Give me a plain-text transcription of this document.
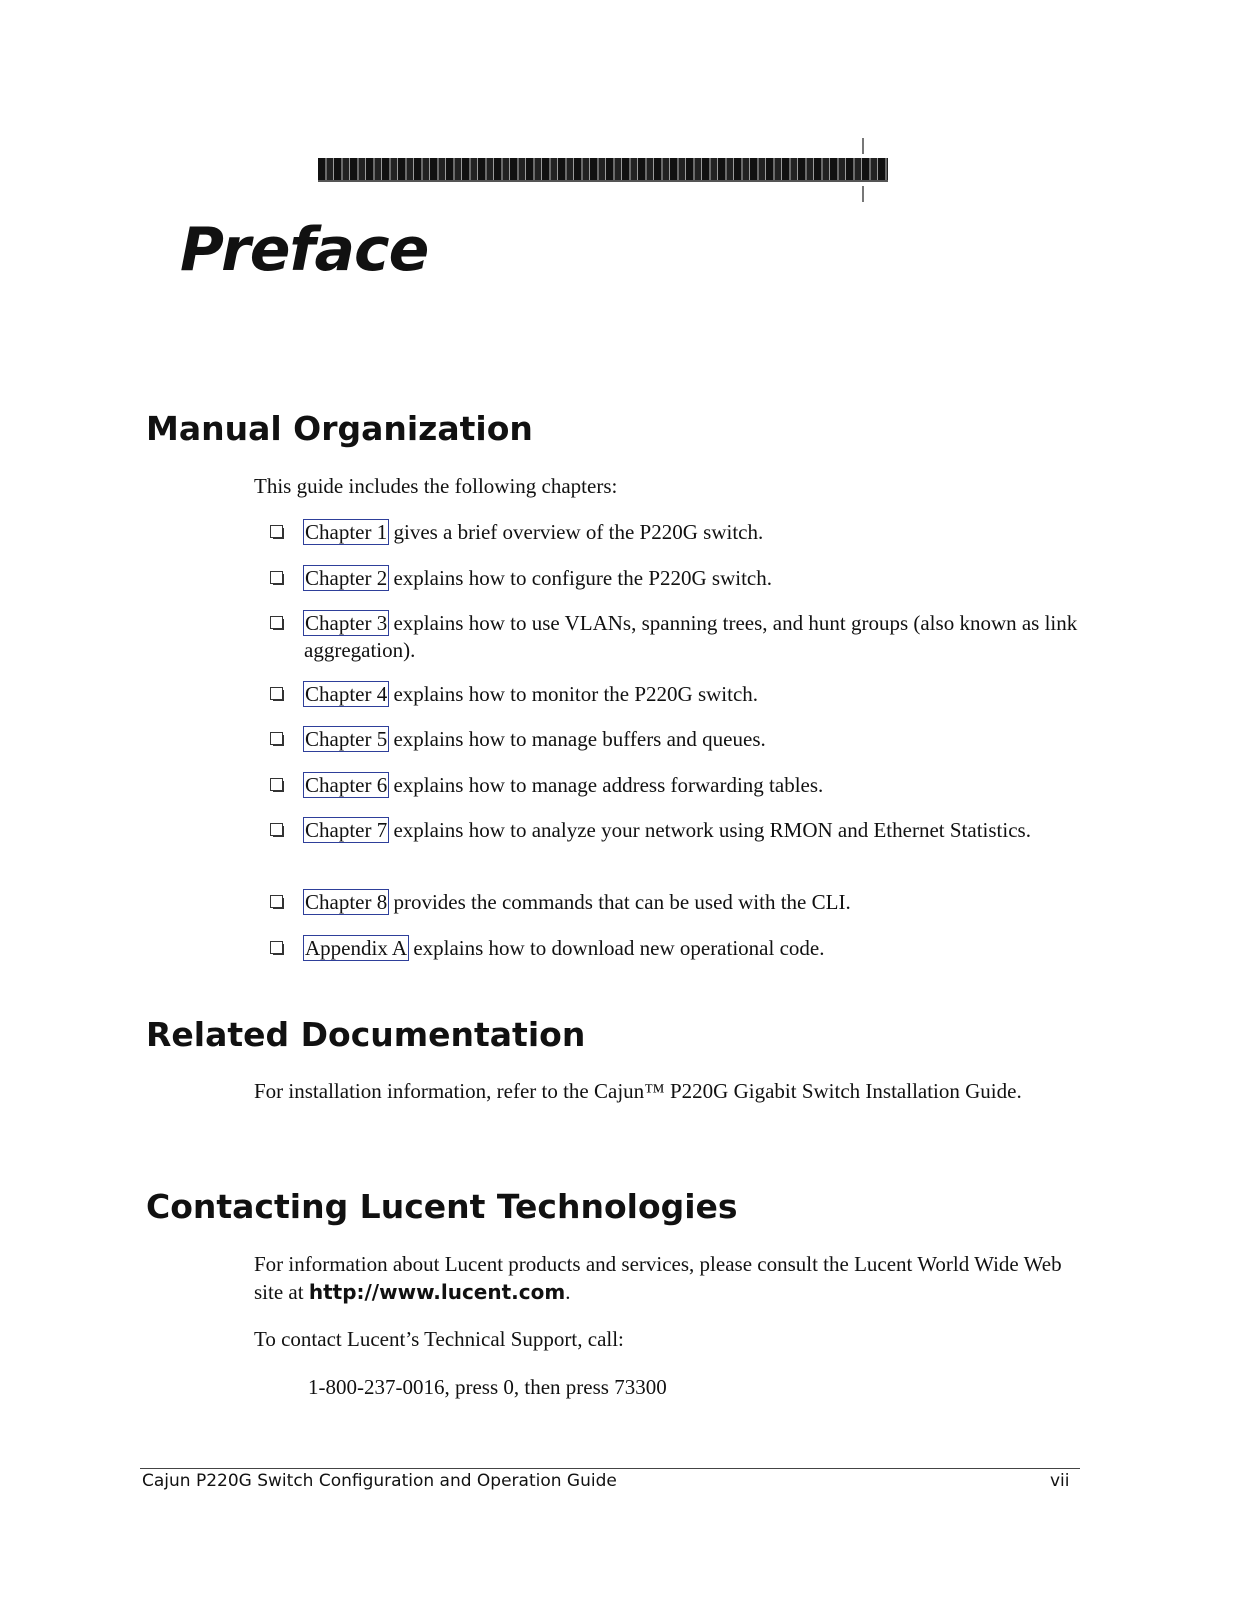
Preface
Manual Organization

This guide includes the following chapters:

Chapter 1 gives a brief overview of the P220G switch.
Chapter 2 explains how to configure the P220G switch.
Chapter 3 explains how to use VLANs, spanning trees, and hunt groups (also known as link aggregation).
Chapter 4 explains how to monitor the P220G switch.
Chapter 5 explains how to manage buffers and queues.
Chapter 6 explains how to manage address forwarding tables.
Chapter 7 explains how to analyze your network using RMON and Ethernet Statistics.
Chapter 8 provides the commands that can be used with the CLI.
Appendix A explains how to download new operational code.
Related Documentation

For installation information, refer to the Cajun™ P220G Gigabit Switch Installation Guide.

Contacting Lucent Technologies

For information about Lucent products and services, please consult the Lucent World Wide Web site at http://www.lucent.com.

To contact Lucent’s Technical Support, call:

1-800-237-0016, press 0, then press 73300

Cajun P220G Switch Configuration and Operation Guide	vii
